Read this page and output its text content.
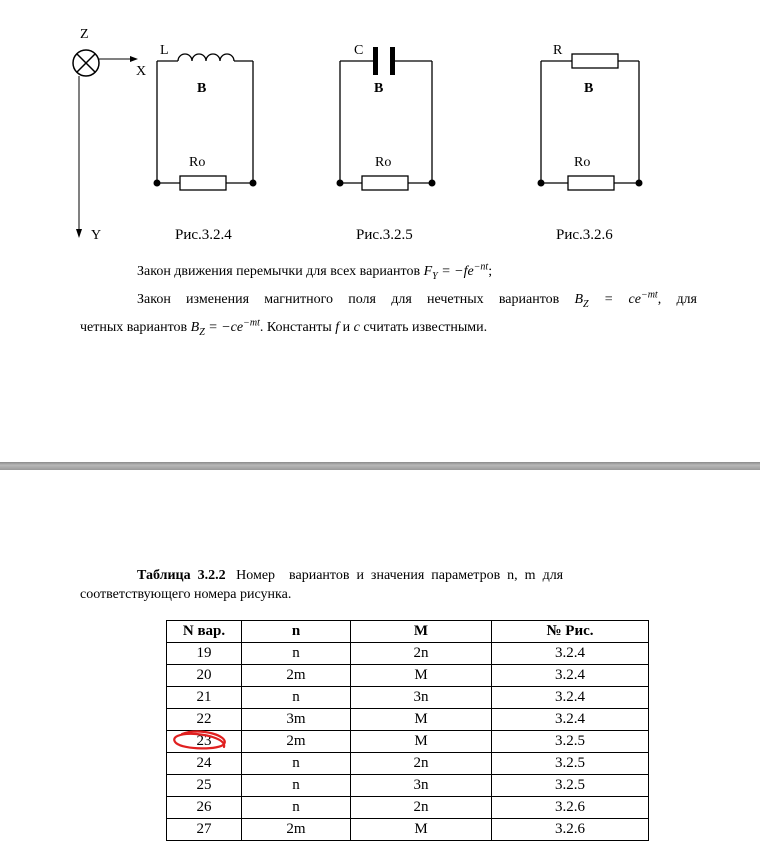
Z
X
Y
L
B
Ro
C
B
Ro
R
B
Ro
Рис.3.2.4	Рис.3.2.5	Рис.3.2.6
Закон движения перемычки для всех вариантов $F_Y = -fe^{-nt}$;
Закон изменения магнитного поля для нечетных вариантов $B_Z = ce^{-mt}$, для
четных вариантов $B_Z = -ce^{-mt}$. Константы f и c считать известными.
Таблица  3.2.2   Номер    вариантов  и  значения  параметров  n,  m  для
соответствующего номера рисунка.
N вар.	n	M	№ Рис.
19	n	2n	3.2.4
20	2m	M	3.2.4
21	n	3n	3.2.4
22	3m	M	3.2.4
23	2m	M	3.2.5
24	n	2n	3.2.5
25	n	3n	3.2.5
26	n	2n	3.2.6
27	2m	M	3.2.6
